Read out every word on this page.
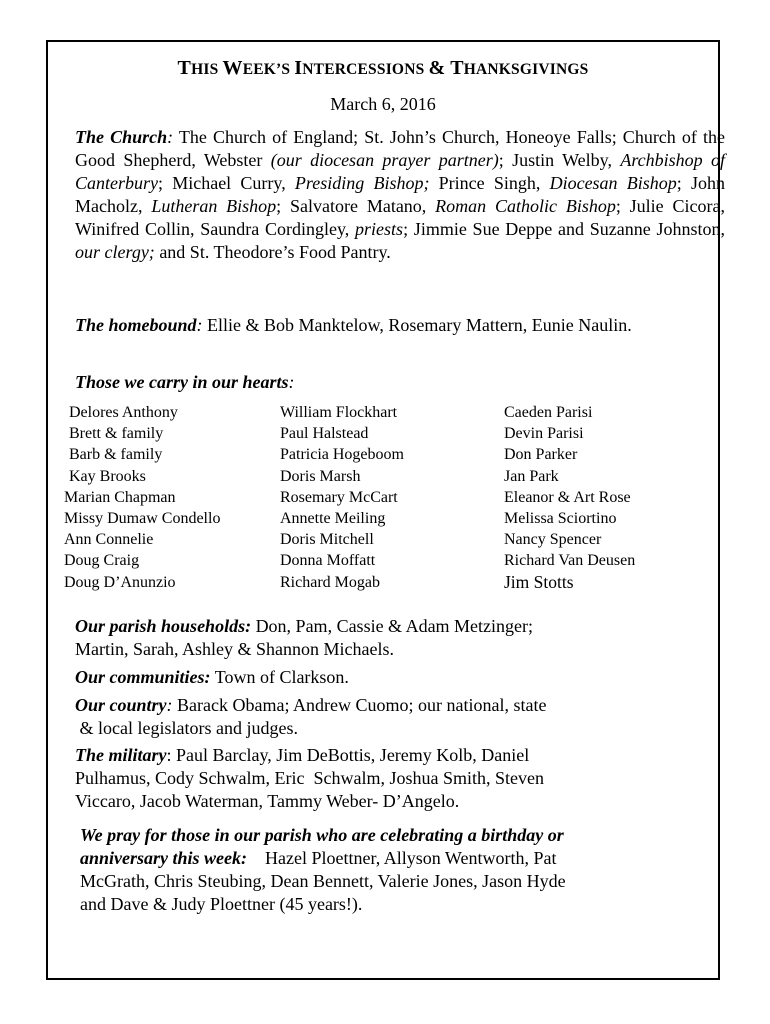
THIS WEEK’S INTERCESSIONS & THANKSGIVINGS
March 6, 2016
The Church: The Church of England; St. John’s Church, Honeoye Falls; Church of the Good Shepherd, Webster (our diocesan prayer partner); Justin Welby, Archbishop of Canterbury; Michael Curry, Presiding Bishop; Prince Singh, Diocesan Bishop; John Macholz, Lutheran Bishop; Salvatore Matano, Roman Catholic Bishop; Julie Cicora, Winifred Collin, Saundra Cordingley, priests; Jimmie Sue Deppe and Suzanne Johnston, our clergy; and St. Theodore’s Food Pantry.
The homebound: Ellie & Bob Manktelow, Rosemary Mattern, Eunie Naulin.
Those we carry in our hearts:
Delores Anthony
Brett & family
Barb & family
Kay Brooks
Marian Chapman
Missy Dumaw Condello
Ann Connelie
Doug Craig
Doug D’Anunzio
William Flockhart
Paul Halstead
Patricia Hogeboom
Doris Marsh
Rosemary McCart
Annette Meiling
Doris Mitchell
Donna Moffatt
Richard Mogab
Caeden Parisi
Devin Parisi
Don Parker
Jan Park
Eleanor & Art Rose
Melissa Sciortino
Nancy Spencer
Richard Van Deusen
Jim Stotts
Our parish households: Don, Pam, Cassie & Adam Metzinger;
Martin, Sarah, Ashley & Shannon Michaels.
Our communities: Town of Clarkson.
Our country: Barack Obama; Andrew Cuomo; our national, state
& local legislators and judges.
The military: Paul Barclay, Jim DeBottis, Jeremy Kolb, Daniel
Pulhamus, Cody Schwalm, Eric  Schwalm, Joshua Smith, Steven
Viccaro, Jacob Waterman, Tammy Weber- D’Angelo.
We pray for those in our parish who are celebrating a birthday or
anniversary this week:    Hazel Ploettner, Allyson Wentworth, Pat
McGrath, Chris Steubing, Dean Bennett, Valerie Jones, Jason Hyde
and Dave & Judy Ploettner (45 years!).
